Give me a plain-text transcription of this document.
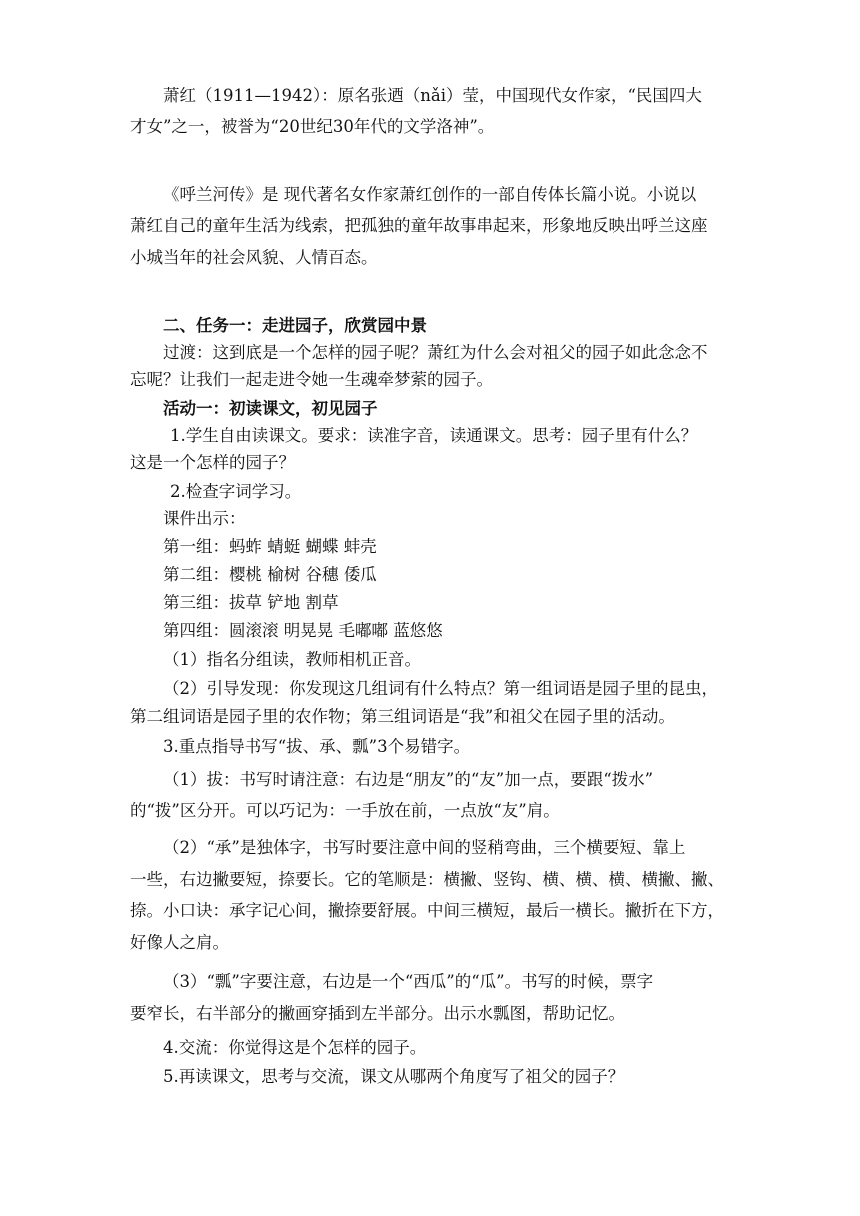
萧红（1911—1942）：原名张迺（nǎi）莹，中国现代女作家，“民国四大
才女”之一，被誉为“20世纪30年代的文学洛神”。
《呼兰河传》是 现代著名女作家萧红创作的一部自传体长篇小说。小说以
萧红自己的童年生活为线索，把孤独的童年故事串起来，形象地反映出呼兰这座
小城当年的社会风貌、人情百态。
二、任务一：走进园子，欣赏园中景
过渡：这到底是一个怎样的园子呢？萧红为什么会对祖父的园子如此念念不
忘呢？让我们一起走进令她一生魂牵梦萦的园子。
活动一：初读课文，初见园子
1.学生自由读课文。要求：读准字音，读通课文。思考：园子里有什么？
这是一个怎样的园子？
2.检查字词学习。
课件出示：
第一组：蚂蚱 蜻蜓 蝴蝶 蚌壳
第二组：樱桃 榆树 谷穗 倭瓜
第三组：拔草 铲地 割草
第四组：圆滚滚 明晃晃 毛嘟嘟 蓝悠悠
（1）指名分组读，教师相机正音。
（2）引导发现：你发现这几组词有什么特点？第一组词语是园子里的昆虫，
第二组词语是园子里的农作物；第三组词语是“我”和祖父在园子里的活动。
3.重点指导书写“拔、承、瓢”3个易错字。
（1）拔：书写时请注意：右边是“朋友”的“友”加一点，要跟“拨水”
的“拨”区分开。可以巧记为：一手放在前，一点放“友”肩。
（2）“承”是独体字，书写时要注意中间的竖稍弯曲，三个横要短、靠上
一些，右边撇要短，捺要长。它的笔顺是：横撇、竖钩、横、横、横、横撇、撇、
捺。小口诀：承字记心间，撇捺要舒展。中间三横短，最后一横长。撇折在下方，
好像人之肩。
（3）“瓢”字要注意，右边是一个“西瓜”的“瓜”。书写的时候，票字
要窄长，右半部分的撇画穿插到左半部分。出示水瓢图，帮助记忆。
4.交流：你觉得这是个怎样的园子。
5.再读课文，思考与交流，课文从哪两个角度写了祖父的园子？
